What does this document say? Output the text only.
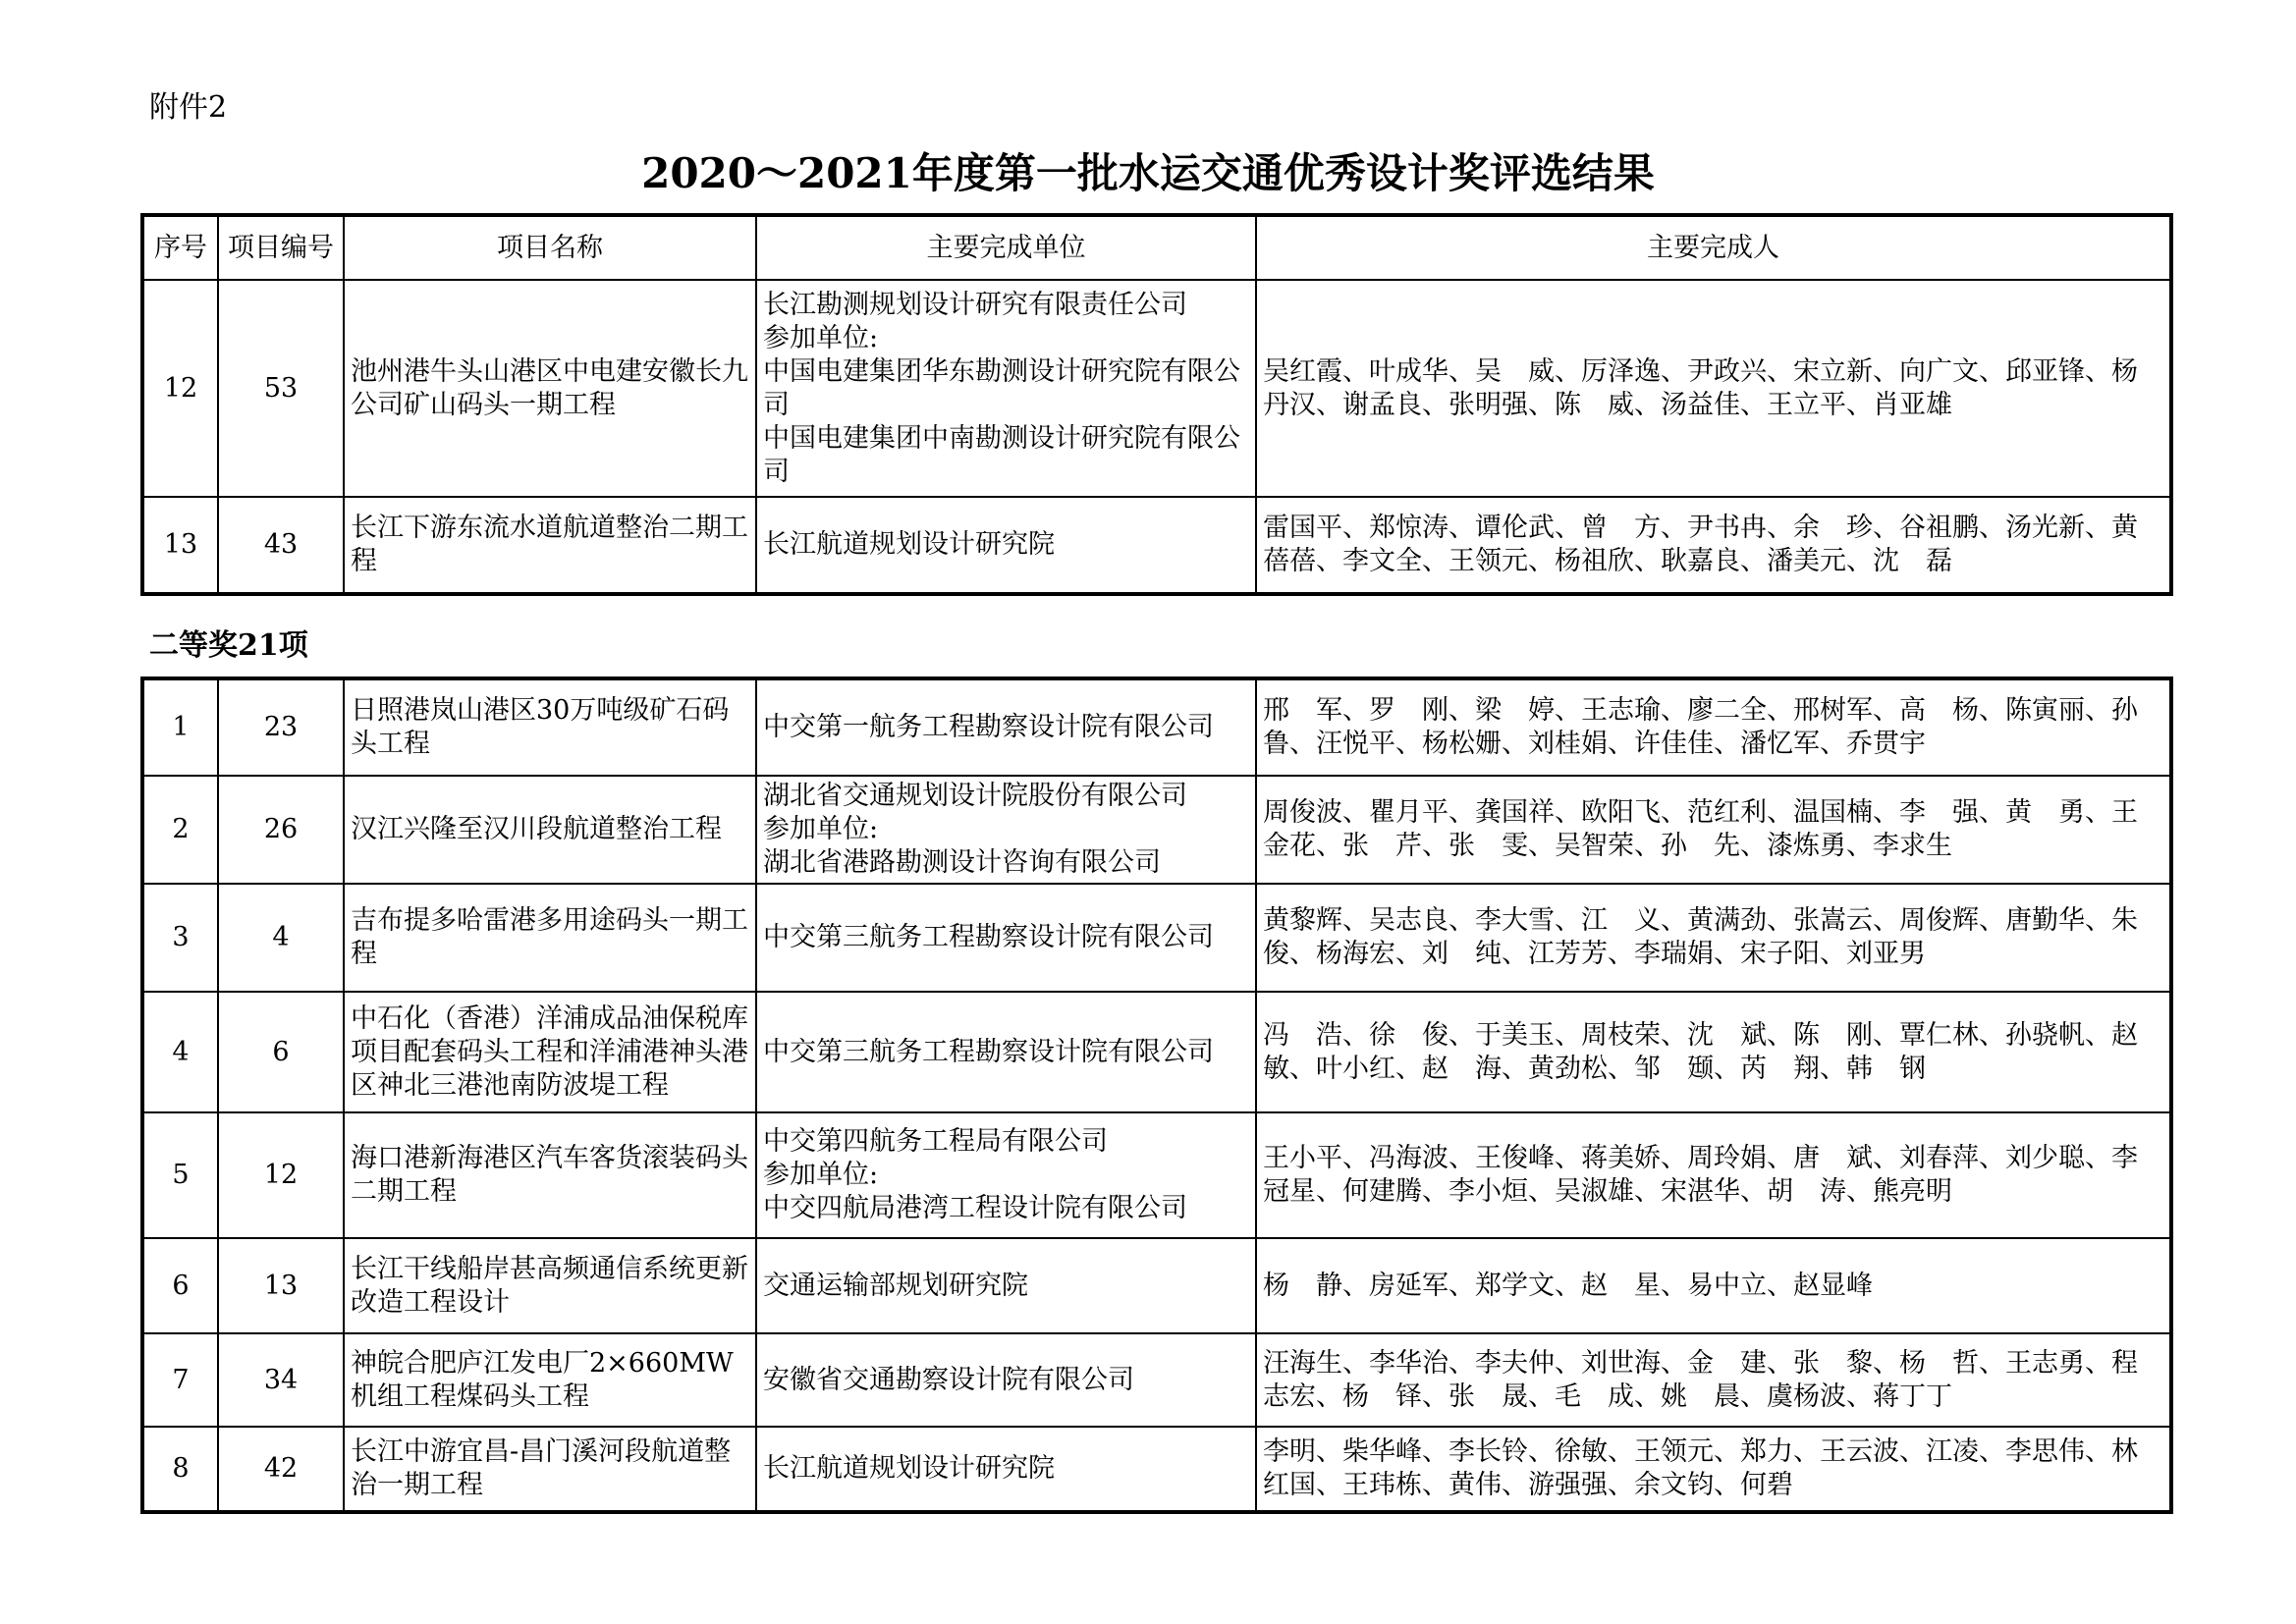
附件2
2020～2021年度第一批水运交通优秀设计奖评选结果
序号	项目编号	项目名称	主要完成单位	主要完成人
12	53	池州港牛头山港区中电建安徽长九公司矿山码头一期工程	长江勘测规划设计研究有限责任公司
参加单位:
中国电建集团华东勘测设计研究院有限公司
中国电建集团中南勘测设计研究院有限公司	吴红霞、叶成华、吴　威、厉泽逸、尹政兴、宋立新、向广文、邱亚锋、杨丹汉、谢孟良、张明强、陈　威、汤益佳、王立平、肖亚雄
13	43	长江下游东流水道航道整治二期工程	长江航道规划设计研究院	雷国平、郑惊涛、谭伦武、曾　方、尹书冉、余　珍、谷祖鹏、汤光新、黄蓓蓓、李文全、王领元、杨祖欣、耿嘉良、潘美元、沈　磊
二等奖21项
1	23	日照港岚山港区30万吨级矿石码头工程	中交第一航务工程勘察设计院有限公司	邢　军、罗　刚、梁　婷、王志瑜、廖二全、邢树军、高　杨、陈寅丽、孙　鲁、汪悦平、杨松姗、刘桂娟、许佳佳、潘忆军、乔贯宇
2	26	汉江兴隆至汉川段航道整治工程	湖北省交通规划设计院股份有限公司
参加单位:
湖北省港路勘测设计咨询有限公司	周俊波、瞿月平、龚国祥、欧阳飞、范红利、温国楠、李　强、黄　勇、王金花、张　芹、张　雯、吴智荣、孙　先、漆炼勇、李求生
3	4	吉布提多哈雷港多用途码头一期工程	中交第三航务工程勘察设计院有限公司	黄黎辉、吴志良、李大雪、江　义、黄满劲、张嵩云、周俊辉、唐勤华、朱　俊、杨海宏、刘　纯、江芳芳、李瑞娟、宋子阳、刘亚男
4	6	中石化（香港）洋浦成品油保税库项目配套码头工程和洋浦港神头港区神北三港池南防波堤工程	中交第三航务工程勘察设计院有限公司	冯　浩、徐　俊、于美玉、周枝荣、沈　斌、陈　刚、覃仁林、孙骁帆、赵　敏、叶小红、赵　海、黄劲松、邹　颋、芮　翔、韩　钢
5	12	海口港新海港区汽车客货滚装码头二期工程	中交第四航务工程局有限公司
参加单位:
中交四航局港湾工程设计院有限公司	王小平、冯海波、王俊峰、蒋美娇、周玲娟、唐　斌、刘春萍、刘少聪、李冠星、何建腾、李小烜、吴淑雄、宋湛华、胡　涛、熊亮明
6	13	长江干线船岸甚高频通信系统更新改造工程设计	交通运输部规划研究院	杨　静、房延军、郑学文、赵　星、易中立、赵显峰
7	34	神皖合肥庐江发电厂2×660MW机组工程煤码头工程	安徽省交通勘察设计院有限公司	汪海生、李华治、李夫仲、刘世海、金　建、张　黎、杨　哲、王志勇、程志宏、杨　铎、张　晟、毛　成、姚　晨、虞杨波、蒋丁丁
8	42	长江中游宜昌-昌门溪河段航道整治一期工程	长江航道规划设计研究院	李明、柴华峰、李长铃、徐敏、王领元、郑力、王云波、江凌、李思伟、林红国、王玮栋、黄伟、游强强、余文钧、何碧
